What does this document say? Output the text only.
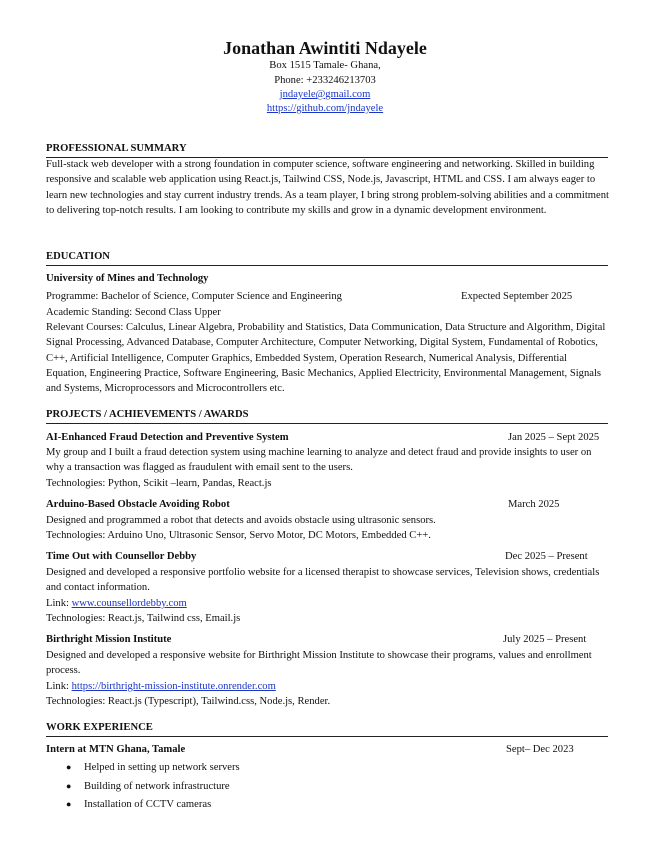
Jonathan Awintiti Ndayele
Box 1515 Tamale- Ghana,
Phone: +233246213703
jndayele@gmail.com
https://github.com/jndayele
PROFESSIONAL SUMMARY
Full-stack web developer with a strong foundation in computer science, software engineering and networking. Skilled in building responsive and scalable web application using React.js, Tailwind CSS, Node.js, Javascript, HTML and CSS. I am always eager to learn new technologies and stay current industry trends. As a team player, I bring strong problem-solving abilities and a commitment to delivering top-notch results. I am looking to contribute my skills and grow in a dynamic development environment.
EDUCATION
University of Mines and Technology
Programme: Bachelor of Science, Computer Science and Engineering	Expected September 2025
Academic Standing: Second Class Upper
Relevant Courses: Calculus, Linear Algebra, Probability and Statistics, Data Communication, Data Structure and Algorithm, Digital Signal Processing, Advanced Database, Computer Architecture, Computer Networking, Digital System, Fundamental of Robotics, C++, Artificial Intelligence, Computer Graphics, Embedded System, Operation Research, Numerical Analysis, Differential Equation, Engineering Practice, Software Engineering, Basic Mechanics, Applied Electricity, Environmental Management, Signals and Systems, Microprocessors and Microcontrollers etc.
PROJECTS / ACHIEVEMENTS / AWARDS
AI-Enhanced Fraud Detection and Preventive System	Jan 2025 – Sept 2025
My group and I built a fraud detection system using machine learning to analyze and detect fraud and provide insights to user on why a transaction was flagged as fraudulent with email sent to the users.
Technologies: Python, Scikit –learn, Pandas, React.js
Arduino-Based Obstacle Avoiding Robot	March 2025
Designed and programmed a robot that detects and avoids obstacle using ultrasonic sensors.
Technologies: Arduino Uno, Ultrasonic Sensor, Servo Motor, DC Motors, Embedded C++.
Time Out with Counsellor Debby	Dec 2025 – Present
Designed and developed a responsive portfolio website for a licensed therapist to showcase services, Television shows, credentials and contact information.
Link: www.counsellordebby.com
Technologies: React.js, Tailwind css, Email.js
Birthright Mission Institute	July 2025 – Present
Designed and developed a responsive website for Birthright Mission Institute to showcase their programs, values and enrollment process.
Link: https://birthright-mission-institute.onrender.com
Technologies: React.js (Typescript), Tailwind.css, Node.js, Render.
WORK EXPERIENCE
Intern at MTN Ghana, Tamale	Sept– Dec 2023
● Helped in setting up network servers
● Building of network infrastructure
● Installation of CCTV cameras
